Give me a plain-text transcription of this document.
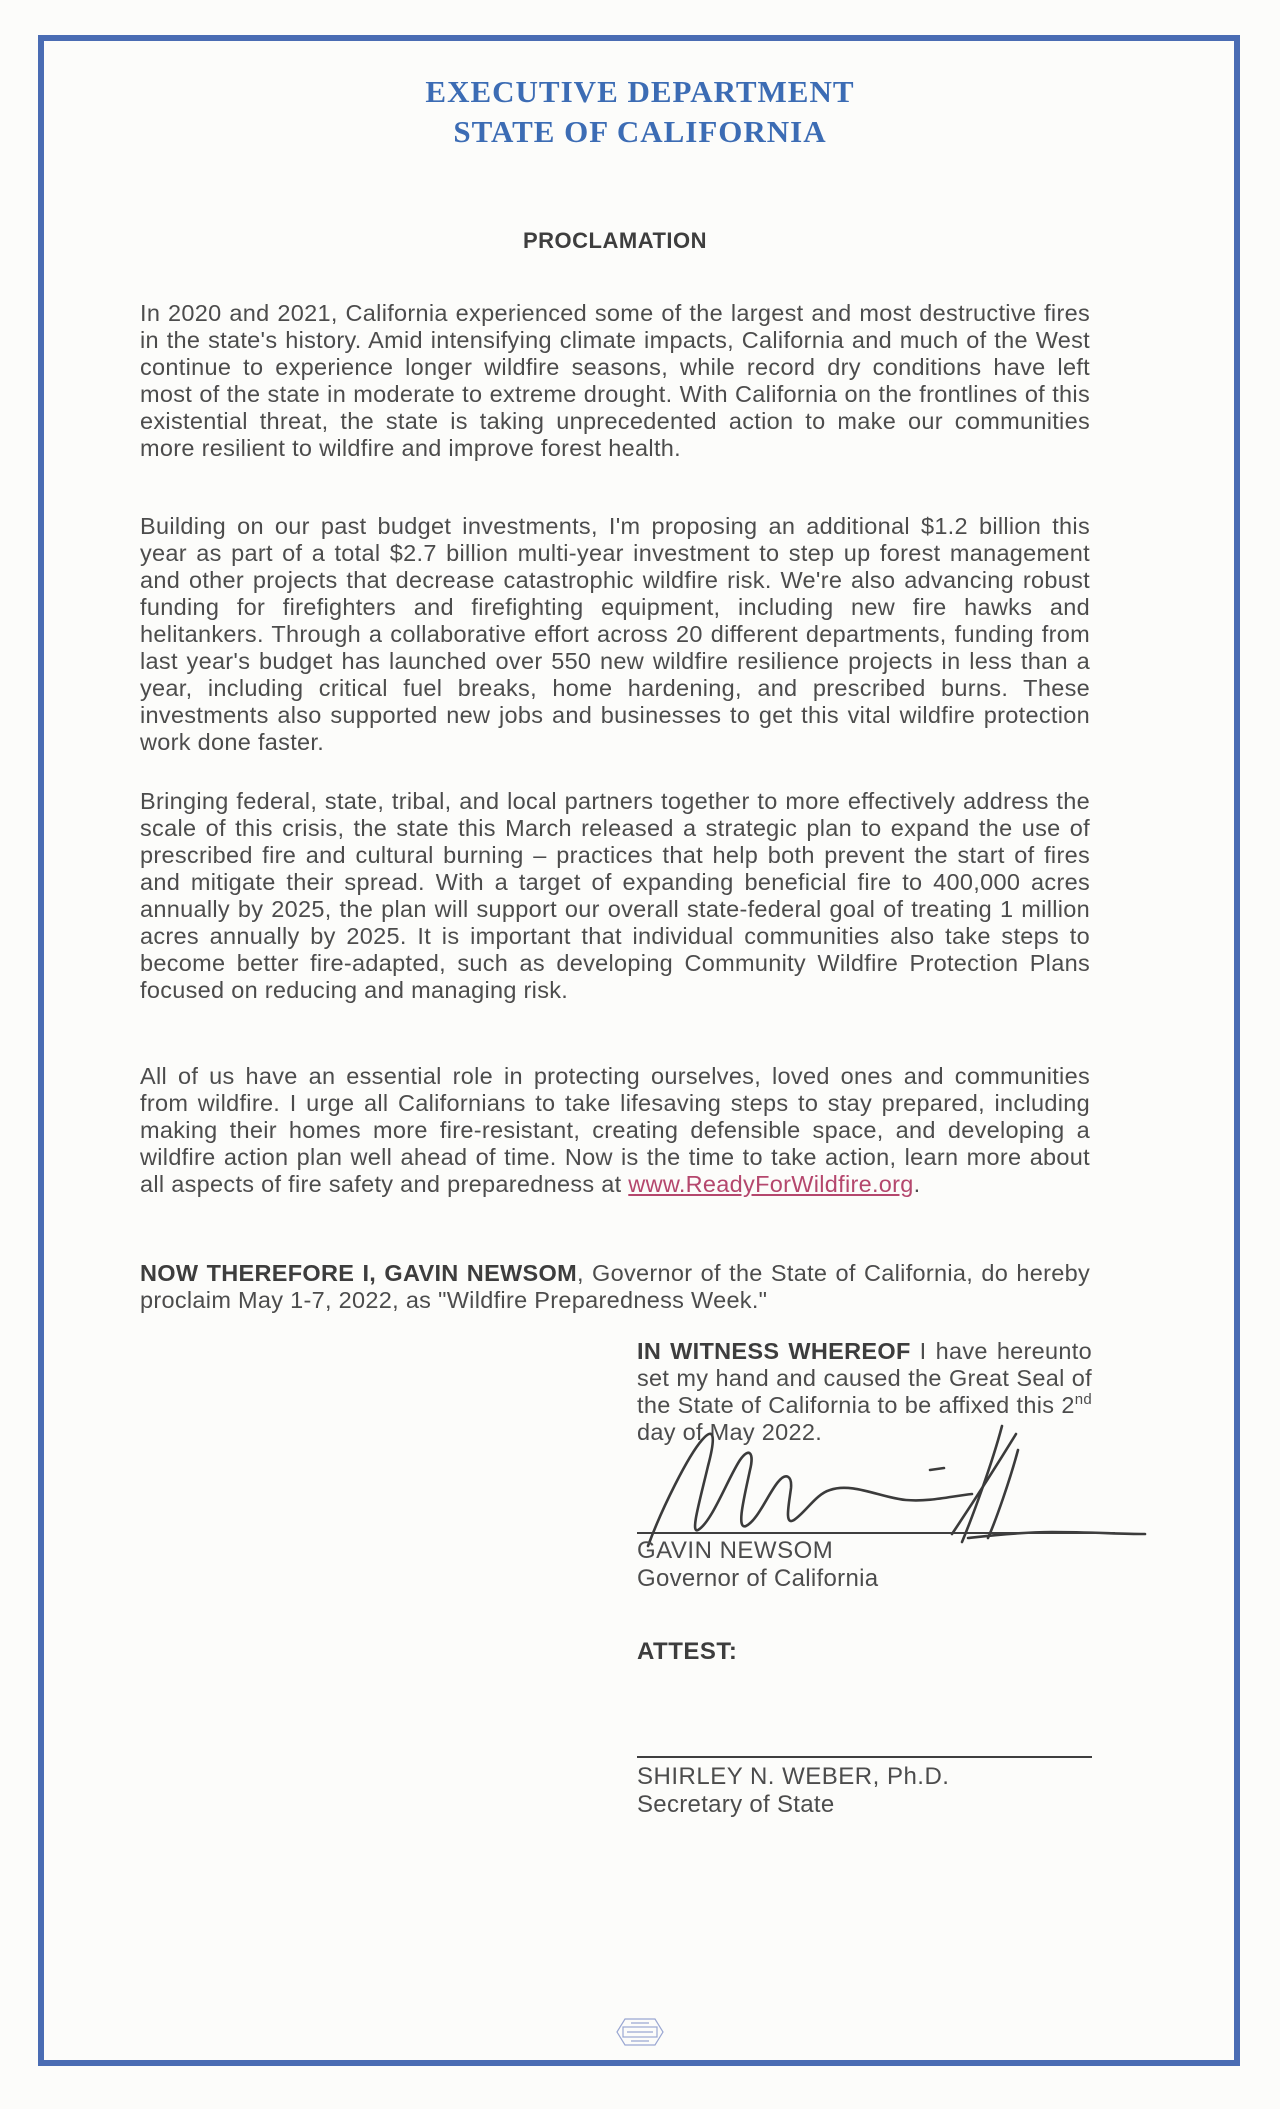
EXECUTIVE DEPARTMENT
STATE OF CALIFORNIA
PROCLAMATION

In 2020 and 2021, California experienced some of the largest and most destructive fires in the state's history. Amid intensifying climate impacts, California and much of the West continue to experience longer wildfire seasons, while record dry conditions have left most of the state in moderate to extreme drought. With California on the frontlines of this existential threat, the state is taking unprecedented action to make our communities more resilient to wildfire and improve forest health.

Building on our past budget investments, I'm proposing an additional $1.2 billion this year as part of a total $2.7 billion multi-year investment to step up forest management and other projects that decrease catastrophic wildfire risk. We're also advancing robust funding for firefighters and firefighting equipment, including new fire hawks and helitankers. Through a collaborative effort across 20 different departments, funding from last year's budget has launched over 550 new wildfire resilience projects in less than a year, including critical fuel breaks, home hardening, and prescribed burns. These investments also supported new jobs and businesses to get this vital wildfire protection work done faster.

Bringing federal, state, tribal, and local partners together to more effectively address the scale of this crisis, the state this March released a strategic plan to expand the use of prescribed fire and cultural burning – practices that help both prevent the start of fires and mitigate their spread. With a target of expanding beneficial fire to 400,000 acres annually by 2025, the plan will support our overall state-federal goal of treating 1 million acres annually by 2025. It is important that individual communities also take steps to become better fire-adapted, such as developing Community Wildfire Protection Plans focused on reducing and managing risk.

All of us have an essential role in protecting ourselves, loved ones and communities from wildfire. I urge all Californians to take lifesaving steps to stay prepared, including making their homes more fire-resistant, creating defensible space, and developing a wildfire action plan well ahead of time. Now is the time to take action, learn more about all aspects of fire safety and preparedness at www.ReadyForWildfire.org.

NOW THEREFORE I, GAVIN NEWSOM, Governor of the State of California, do hereby proclaim May 1-7, 2022, as "Wildfire Preparedness Week."

IN WITNESS WHEREOF I have hereunto set my hand and caused the Great Seal of the State of California to be affixed this 2nd day of May 2022.
GAVIN NEWSOM
Governor of California
ATTEST:
SHIRLEY N. WEBER, Ph.D.
Secretary of State
